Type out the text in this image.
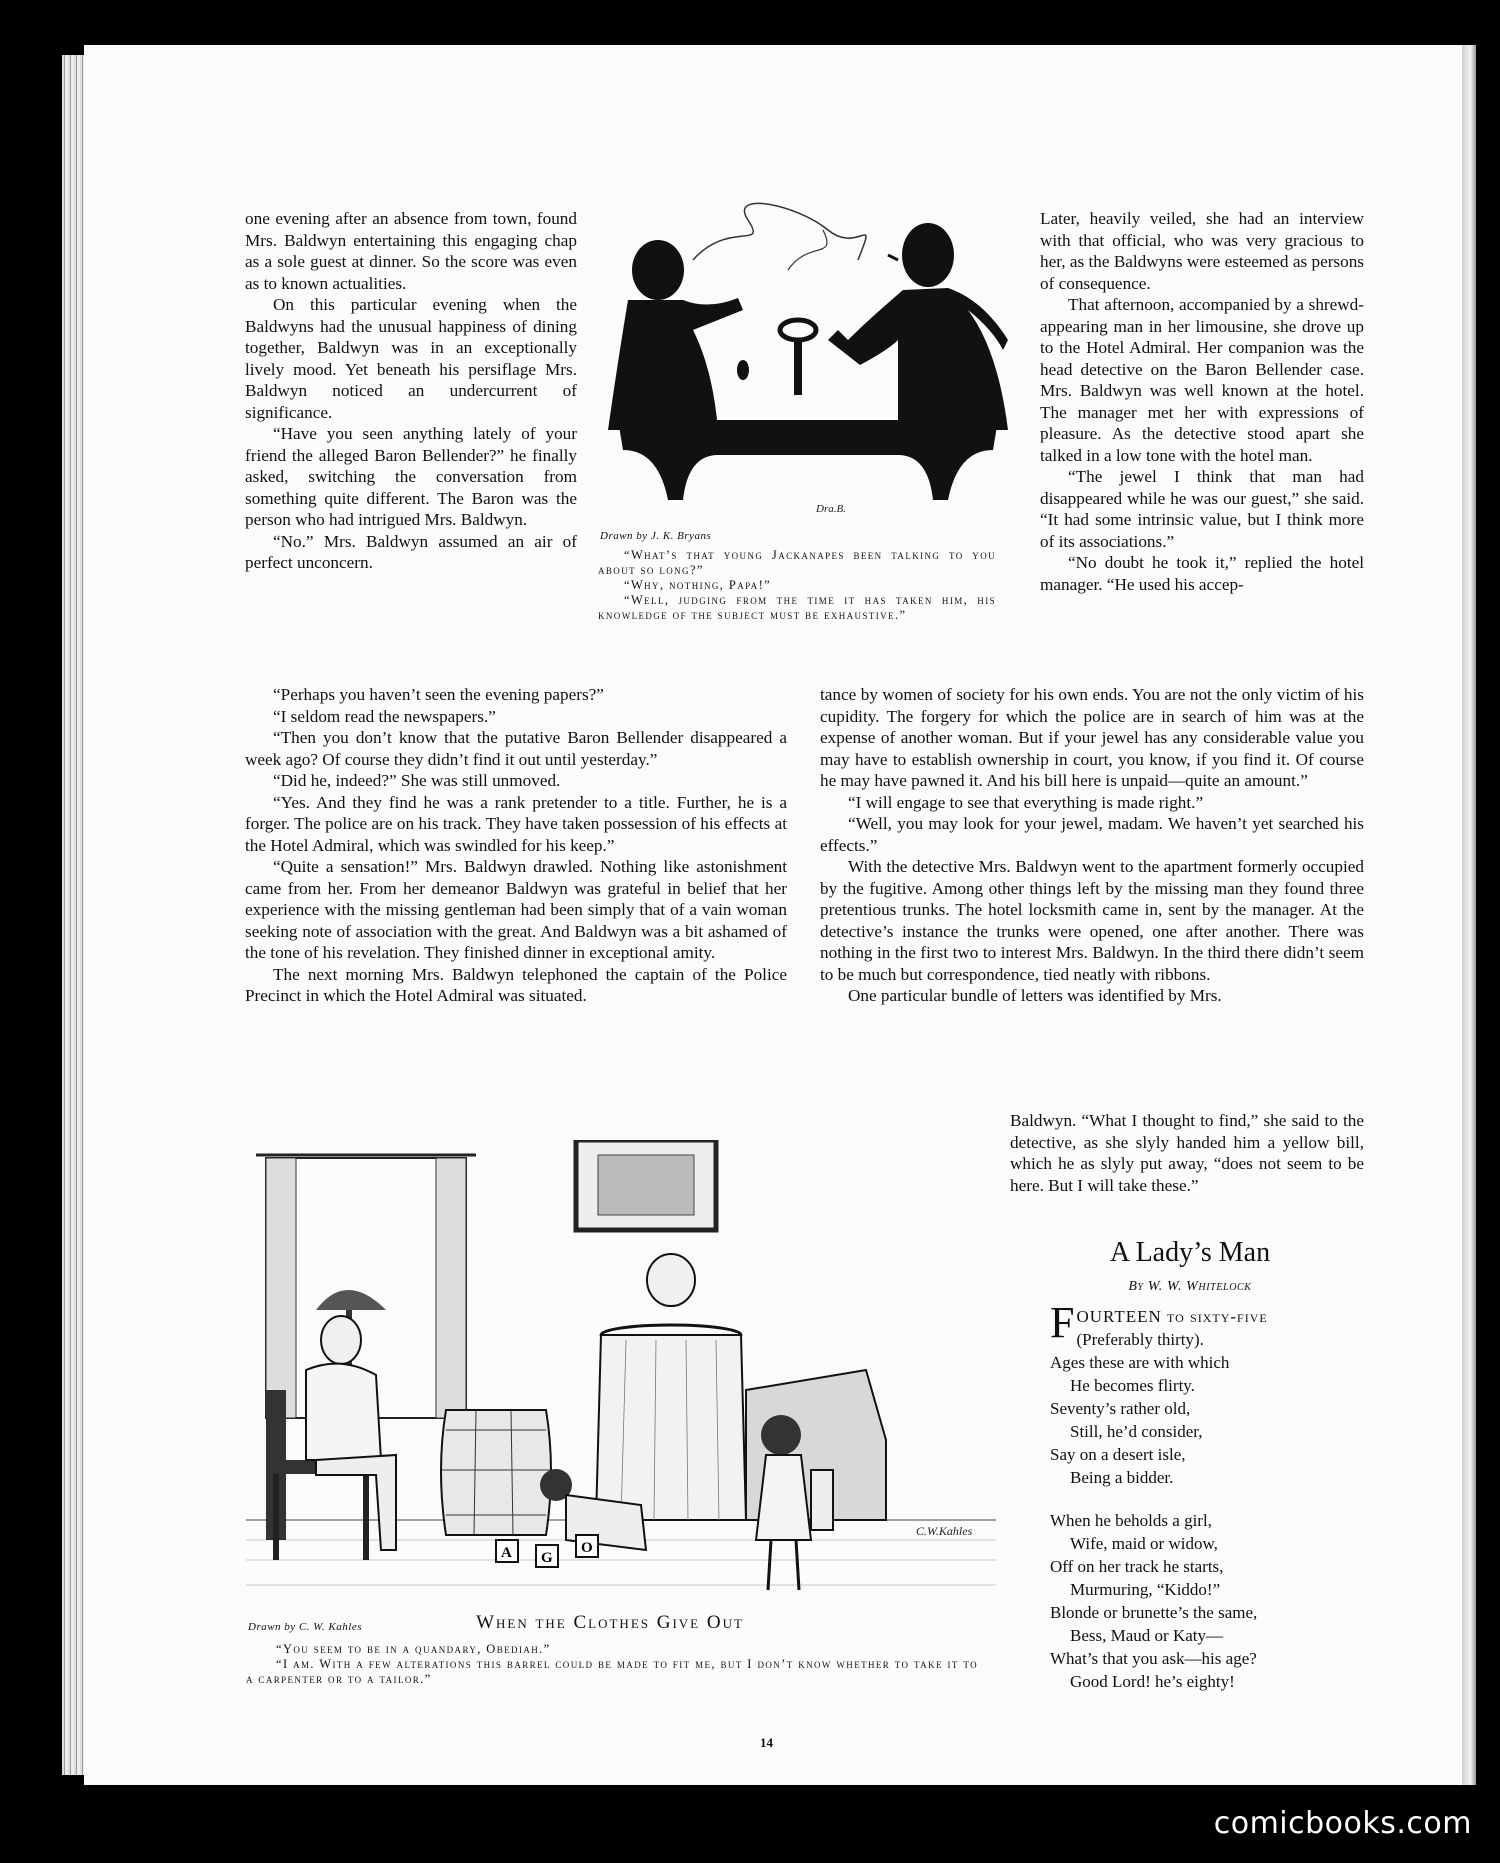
one evening after an absence from town, found Mrs. Baldwyn entertaining this engaging chap as a sole guest at dinner. So the score was even as to known actualities.

On this particular evening when the Baldwyns had the unusual happiness of dining together, Baldwyn was in an exceptionally lively mood. Yet beneath his persiflage Mrs. Baldwyn noticed an undercurrent of significance.

“Have you seen anything lately of your friend the alleged Baron Bellender?” he finally asked, switching the conversation from something quite different. The Baron was the person who had intrigued Mrs. Baldwyn.

“No.” Mrs. Baldwyn assumed an air of perfect unconcern.

“Perhaps you haven’t seen the evening papers?”

“I seldom read the newspapers.”

“Then you don’t know that the putative Baron Bellender disappeared a week ago? Of course they didn’t find it out until yesterday.”

“Did he, indeed?” She was still unmoved.

“Yes. And they find he was a rank pretender to a title. Further, he is a forger. The police are on his track. They have taken possession of his effects at the Hotel Admiral, which was swindled for his keep.”

“Quite a sensation!” Mrs. Baldwyn drawled. Nothing like astonishment came from her. From her demeanor Baldwyn was grateful in belief that her experience with the missing gentleman had been simply that of a vain woman seeking note of association with the great. And Baldwyn was a bit ashamed of the tone of his revelation. They finished dinner in exceptional amity.

The next morning Mrs. Baldwyn telephoned the captain of the Police Precinct in which the Hotel Admiral was situated.

Dra.B.
Drawn by J. K. Bryans
“What’s that young Jackanapes been talking to you about so long?”
“Why, nothing, Papa!”
“Well, judging from the time it has taken him, his knowledge of the subject must be exhaustive.”

Later, heavily veiled, she had an interview with that official, who was very gracious to her, as the Baldwyns were esteemed as persons of consequence.

That afternoon, accompanied by a shrewd-appearing man in her limousine, she drove up to the Hotel Admiral. Her companion was the head detective on the Baron Bellender case. Mrs. Baldwyn was well known at the hotel. The manager met her with expressions of pleasure. As the detective stood apart she talked in a low tone with the hotel man.

“The jewel I think that man had disappeared while he was our guest,” she said. “It had some intrinsic value, but I think more of its associations.”

“No doubt he took it,” replied the hotel manager. “He used his accep-

tance by women of society for his own ends. You are not the only victim of his cupidity. The forgery for which the police are in search of him was at the expense of another woman. But if your jewel has any considerable value you may have to establish ownership in court, you know, if you find it. Of course he may have pawned it. And his bill here is unpaid—quite an amount.”

“I will engage to see that everything is made right.”

“Well, you may look for your jewel, madam. We haven’t yet searched his effects.”

With the detective Mrs. Baldwyn went to the apartment formerly occupied by the fugitive. Among other things left by the missing man they found three pretentious trunks. The hotel locksmith came in, sent by the manager. At the detective’s instance the trunks were opened, one after another. There was nothing in the first two to interest Mrs. Baldwyn. In the third there didn’t seem to be much but correspondence, tied neatly with ribbons.

One particular bundle of letters was identified by Mrs.

Baldwyn. “What I thought to find,” she said to the detective, as she slyly handed him a yellow bill, which he as slyly put away, “does not seem to be here. But I will take these.”

C.W.Kahles
A G
O
Drawn by C. W. Kahles	When the Clothes Give Out
“You seem to be in a quandary, Obediah.”
“I am. With a few alterations this barrel could be made to fit me, but I don’t know whether to take it to a carpenter or to a tailor.”
A Lady’s Man
By W. W. Whitelock
FOURTEEN to sixty-five
(Preferably thirty).
Ages these are with which
He becomes flirty.
Seventy’s rather old,
Still, he’d consider,
Say on a desert isle,
Being a bidder.
When he beholds a girl,
Wife, maid or widow,
Off on her track he starts,
Murmuring, “Kiddo!”
Blonde or brunette’s the same,
Bess, Maud or Katy—
What’s that you ask—his age?
Good Lord! he’s eighty!
14
comicbooks.com
